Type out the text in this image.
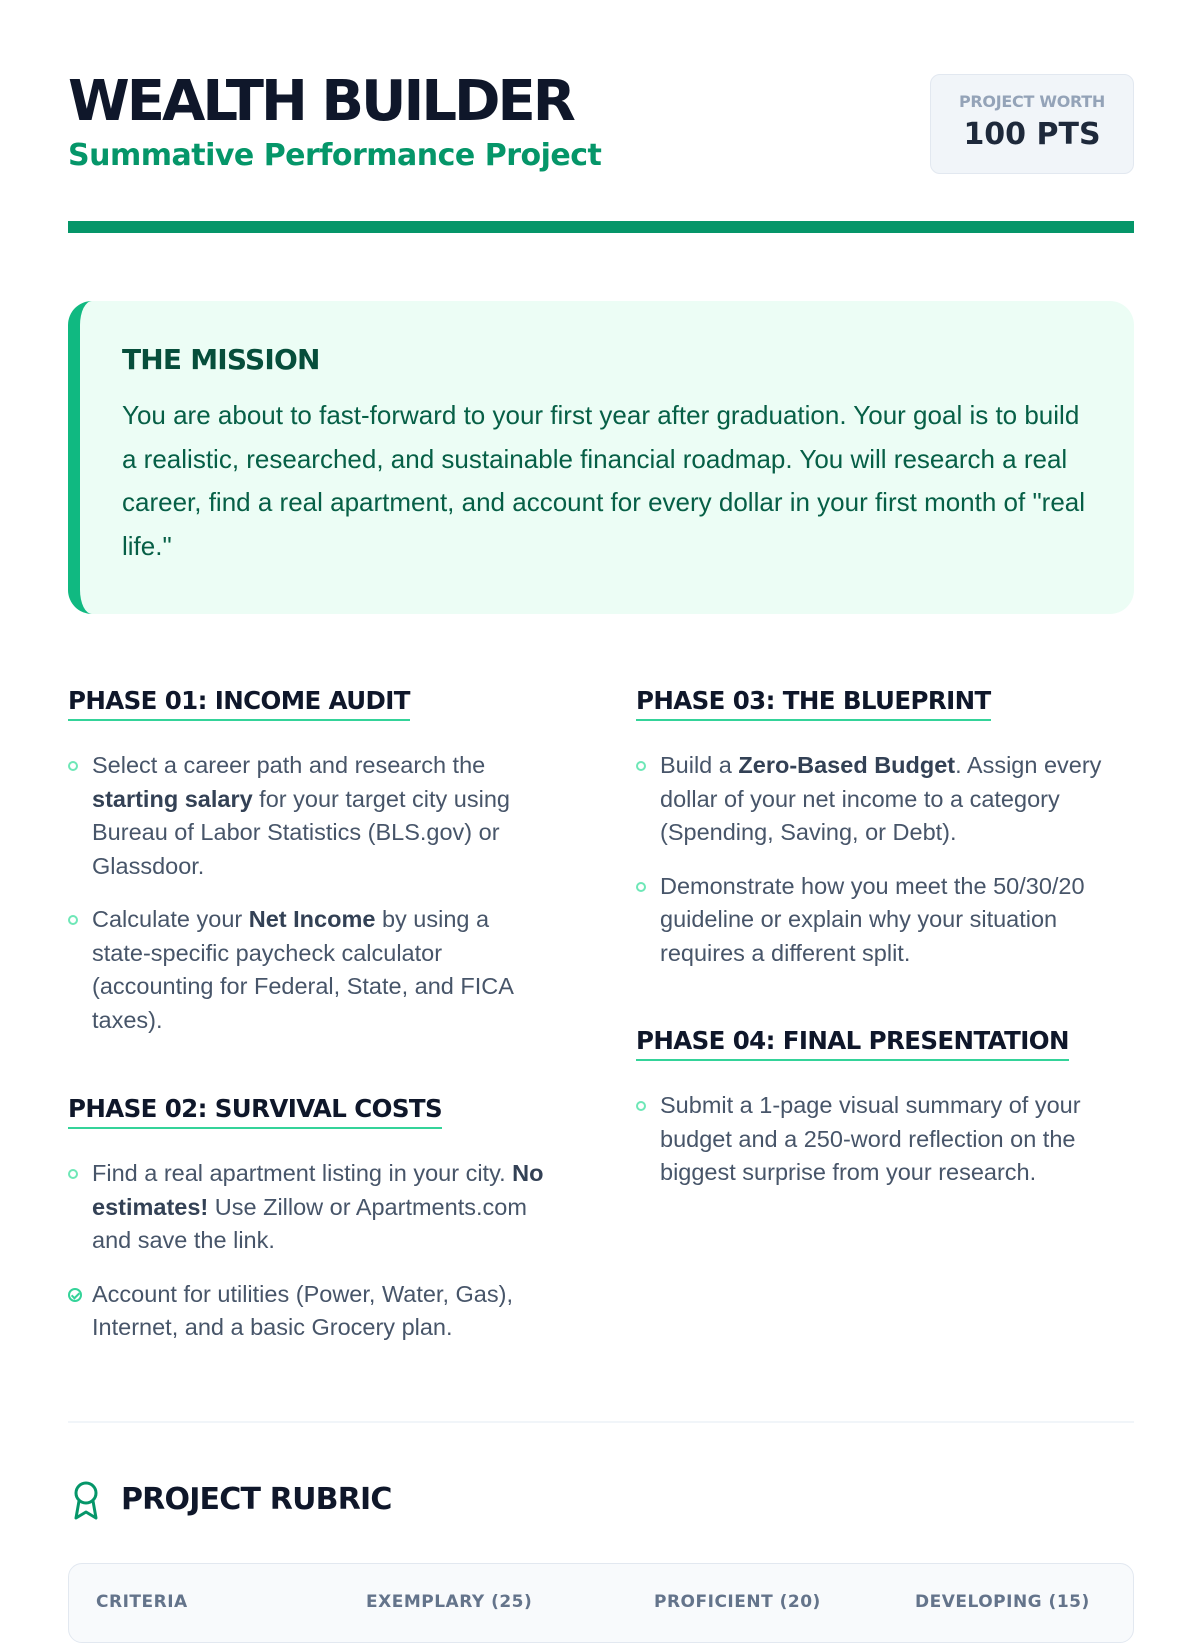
WEALTH BUILDER
Summative Performance Project
PROJECT WORTH
100 PTS
THE MISSION

You are about to fast-forward to your first year after graduation. Your goal is to build a realistic, researched, and sustainable financial roadmap. You will research a real career, find a real apartment, and account for every dollar in your first month of "real life."

PHASE 01: INCOME AUDIT
Select a career path and research the starting salary for your target city using Bureau of Labor Statistics (BLS.gov) or Glassdoor.
Calculate your Net Income by using a state-specific paycheck calculator (accounting for Federal, State, and FICA taxes).
PHASE 02: SURVIVAL COSTS
Find a real apartment listing in your city. No estimates! Use Zillow or Apartments.com and save the link.
Account for utilities (Power, Water, Gas), Internet, and a basic Grocery plan.
PHASE 03: THE BLUEPRINT
Build a Zero-Based Budget. Assign every dollar of your net income to a category (Spending, Saving, or Debt).
Demonstrate how you meet the 50/30/20 guideline or explain why your situation requires a different split.
PHASE 04: FINAL PRESENTATION
Submit a 1-page visual summary of your budget and a 250-word reflection on the biggest surprise from your research.
PROJECT RUBRIC
CRITERIA	EXEMPLARY (25)	PROFICIENT (20)	DEVELOPING (15)
